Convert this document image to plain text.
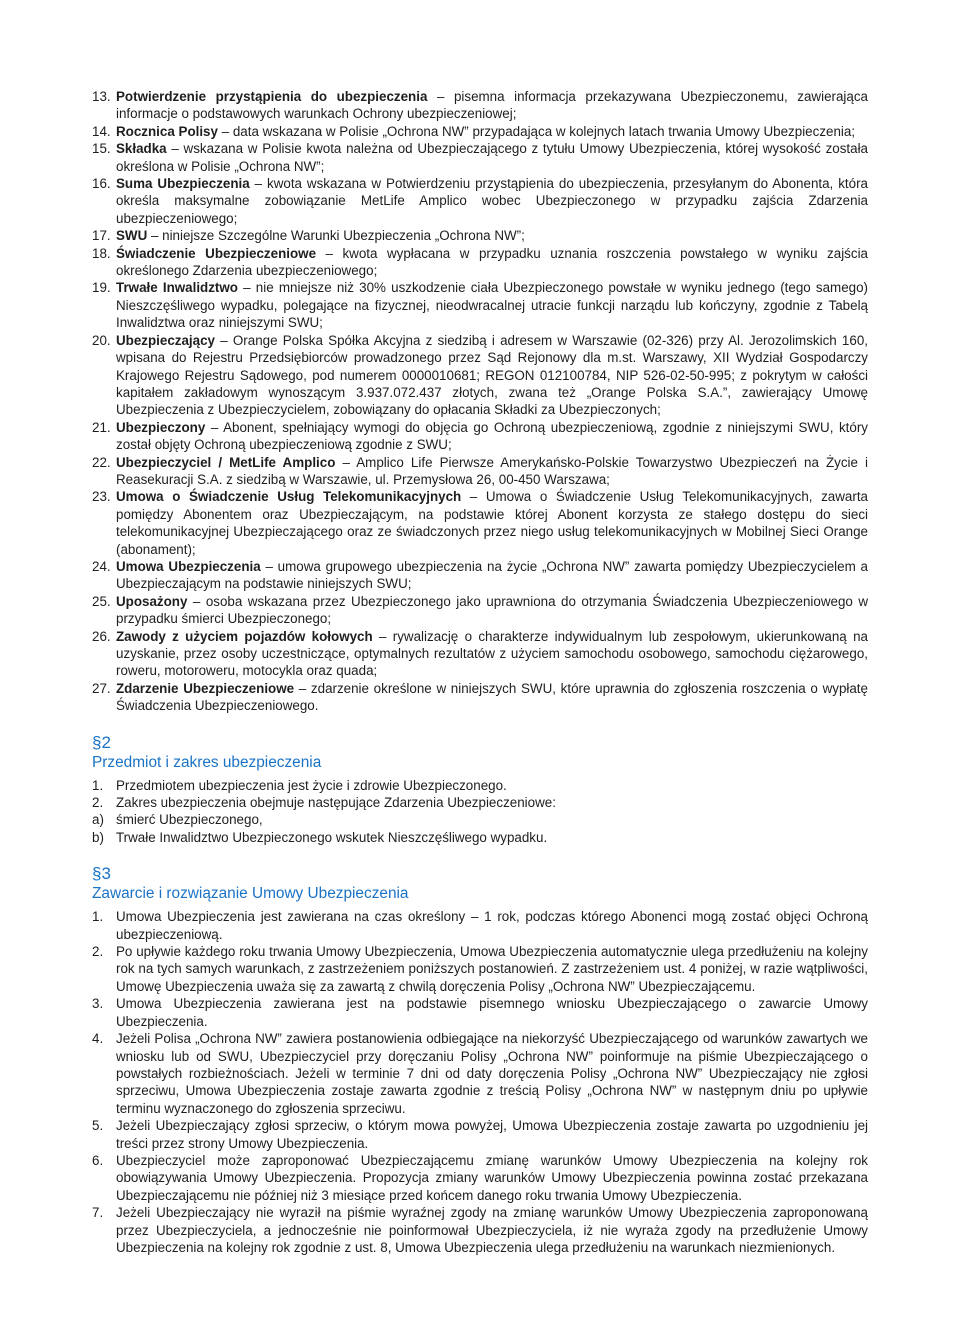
13. Potwierdzenie przystąpienia do ubezpieczenia – pisemna informacja przekazywana Ubezpieczonemu, zawierająca informacje o podstawowych warunkach Ochrony ubezpieczeniowej;
14. Rocznica Polisy – data wskazana w Polisie „Ochrona NW” przypadająca w kolejnych latach trwania Umowy Ubezpieczenia;
15. Składka – wskazana w Polisie kwota należna od Ubezpieczającego z tytułu Umowy Ubezpieczenia, której wysokość została określona w Polisie „Ochrona NW”;
16. Suma Ubezpieczenia – kwota wskazana w Potwierdzeniu przystąpienia do ubezpieczenia, przesyłanym do Abonenta, która określa maksymalne zobowiązanie MetLife Amplico wobec Ubezpieczonego w przypadku zajścia Zdarzenia ubezpieczeniowego;
17. SWU – niniejsze Szczególne Warunki Ubezpieczenia „Ochrona NW”;
18. Świadczenie Ubezpieczeniowe – kwota wypłacana w przypadku uznania roszczenia powstałego w wyniku zajścia określonego Zdarzenia ubezpieczeniowego;
19. Trwałe Inwalidztwo – nie mniejsze niż 30% uszkodzenie ciała Ubezpieczonego powstałe w wyniku jednego (tego samego) Nieszczęśliwego wypadku, polegające na fizycznej, nieodwracalnej utracie funkcji narządu lub kończyny, zgodnie z Tabelą Inwalidztwa oraz niniejszymi SWU;
20. Ubezpieczający – Orange Polska Spółka Akcyjna z siedzibą i adresem w Warszawie (02-326) przy Al. Jerozolimskich 160, wpisana do Rejestru Przedsiębiorców prowadzonego przez Sąd Rejonowy dla m.st. Warszawy, XII Wydział Gospodarczy Krajowego Rejestru Sądowego, pod numerem 0000010681; REGON 012100784, NIP 526-02-50-995; z pokrytym w całości kapitałem zakładowym wynoszącym 3.937.072.437 złotych, zwana też „Orange Polska S.A.”, zawierający Umowę Ubezpieczenia z Ubezpieczycielem, zobowiązany do opłacania Składki za Ubezpieczonych;
21. Ubezpieczony – Abonent, spełniający wymogi do objęcia go Ochroną ubezpieczeniową, zgodnie z niniejszymi SWU, który został objęty Ochroną ubezpieczeniową zgodnie z SWU;
22. Ubezpieczyciel / MetLife Amplico – Amplico Life Pierwsze Amerykańsko-Polskie Towarzystwo Ubezpieczeń na Życie i Reasekuracji S.A. z siedzibą w Warszawie, ul. Przemysłowa 26, 00-450 Warszawa;
23. Umowa o Świadczenie Usług Telekomunikacyjnych – Umowa o Świadczenie Usług Telekomunikacyjnych, zawarta pomiędzy Abonentem oraz Ubezpieczającym, na podstawie której Abonent korzysta ze stałego dostępu do sieci telekomunikacyjnej Ubezpieczającego oraz ze świadczonych przez niego usług telekomunikacyjnych w Mobilnej Sieci Orange (abonament);
24. Umowa Ubezpieczenia – umowa grupowego ubezpieczenia na życie „Ochrona NW” zawarta pomiędzy Ubezpieczycielem a Ubezpieczającym na podstawie niniejszych SWU;
25. Uposażony – osoba wskazana przez Ubezpieczonego jako uprawniona do otrzymania Świadczenia Ubezpieczeniowego w przypadku śmierci Ubezpieczonego;
26. Zawody z użyciem pojazdów kołowych – rywalizację o charakterze indywidualnym lub zespołowym, ukierunkowaną na uzyskanie, przez osoby uczestniczące, optymalnych rezultatów z użyciem samochodu osobowego, samochodu ciężarowego, roweru, motoroweru, motocykla oraz quada;
27. Zdarzenie Ubezpieczeniowe – zdarzenie określone w niniejszych SWU, które uprawnia do zgłoszenia roszczenia o wypłatę Świadczenia Ubezpieczeniowego.
§2
Przedmiot i zakres ubezpieczenia
1. Przedmiotem ubezpieczenia jest życie i zdrowie Ubezpieczonego.
2. Zakres ubezpieczenia obejmuje następujące Zdarzenia Ubezpieczeniowe:
a) śmierć Ubezpieczonego,
b) Trwałe Inwalidztwo Ubezpieczonego wskutek Nieszczęśliwego wypadku.
§3
Zawarcie i rozwiązanie Umowy Ubezpieczenia
1. Umowa Ubezpieczenia jest zawierana na czas określony – 1 rok, podczas którego Abonenci mogą zostać objęci Ochroną ubezpieczeniową.
2. Po upływie każdego roku trwania Umowy Ubezpieczenia, Umowa Ubezpieczenia automatycznie ulega przedłużeniu na kolejny rok na tych samych warunkach, z zastrzeżeniem poniższych postanowień. Z zastrzeżeniem ust. 4 poniżej, w razie wątpliwości, Umowę Ubezpieczenia uważa się za zawartą z chwilą doręczenia Polisy „Ochrona NW” Ubezpieczającemu.
3. Umowa Ubezpieczenia zawierana jest na podstawie pisemnego wniosku Ubezpieczającego o zawarcie Umowy Ubezpieczenia.
4. Jeżeli Polisa „Ochrona NW” zawiera postanowienia odbiegające na niekorzyść Ubezpieczającego od warunków zawartych we wniosku lub od SWU, Ubezpieczyciel przy doręczaniu Polisy „Ochrona NW” poinformuje na piśmie Ubezpieczającego o powstałych rozbieżnościach. Jeżeli w terminie 7 dni od daty doręczenia Polisy „Ochrona NW” Ubezpieczający nie zgłosi sprzeciwu, Umowa Ubezpieczenia zostaje zawarta zgodnie z treścią Polisy „Ochrona NW” w następnym dniu po upływie terminu wyznaczonego do zgłoszenia sprzeciwu.
5. Jeżeli Ubezpieczający zgłosi sprzeciw, o którym mowa powyżej, Umowa Ubezpieczenia zostaje zawarta po uzgodnieniu jej treści przez strony Umowy Ubezpieczenia.
6. Ubezpieczyciel może zaproponować Ubezpieczającemu zmianę warunków Umowy Ubezpieczenia na kolejny rok obowiązywania Umowy Ubezpieczenia. Propozycja zmiany warunków Umowy Ubezpieczenia powinna zostać przekazana Ubezpieczającemu nie później niż 3 miesiące przed końcem danego roku trwania Umowy Ubezpieczenia.
7. Jeżeli Ubezpieczający nie wyraził na piśmie wyraźnej zgody na zmianę warunków Umowy Ubezpieczenia zaproponowaną przez Ubezpieczyciela, a jednocześnie nie poinformował Ubezpieczyciela, iż nie wyraża zgody na przedłużenie Umowy Ubezpieczenia na kolejny rok zgodnie z ust. 8, Umowa Ubezpieczenia ulega przedłużeniu na warunkach niezmienionych.
